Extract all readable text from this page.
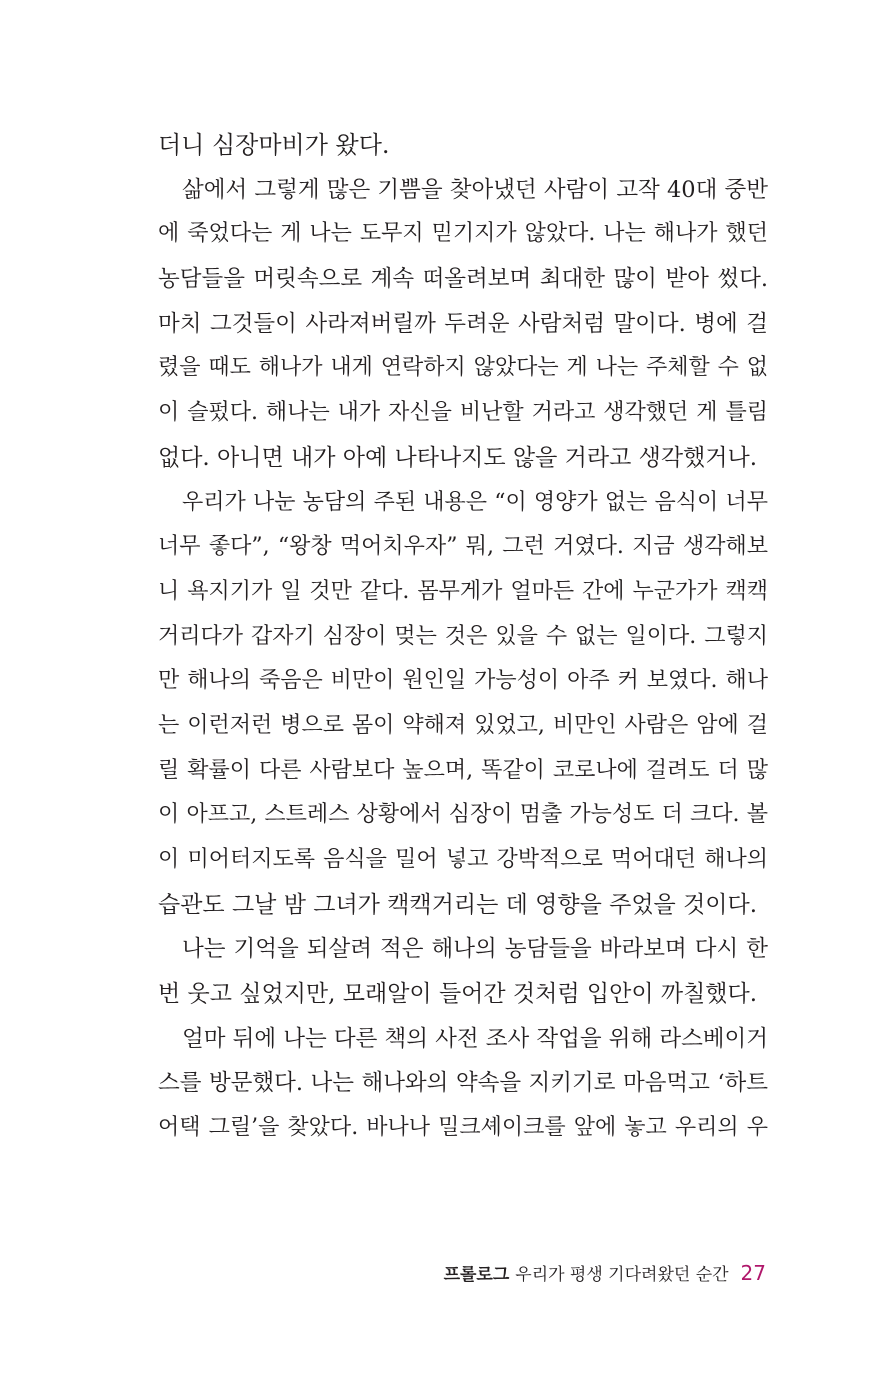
더니 심장마비가 왔다.
삶에서 그렇게 많은 기쁨을 찾아냈던 사람이 고작 40대 중반
에 죽었다는 게 나는 도무지 믿기지가 않았다. 나는 해나가 했던
농담들을 머릿속으로 계속 떠올려보며 최대한 많이 받아 썼다.
마치 그것들이 사라져버릴까 두려운 사람처럼 말이다. 병에 걸
렸을 때도 해나가 내게 연락하지 않았다는 게 나는 주체할 수 없
이 슬펐다. 해나는 내가 자신을 비난할 거라고 생각했던 게 틀림
없다. 아니면 내가 아예 나타나지도 않을 거라고 생각했거나.
우리가 나눈 농담의 주된 내용은 “이 영양가 없는 음식이 너무
너무 좋다”, “왕창 먹어치우자” 뭐, 그런 거였다. 지금 생각해보
니 욕지기가 일 것만 같다. 몸무게가 얼마든 간에 누군가가 캑캑
거리다가 갑자기 심장이 멎는 것은 있을 수 없는 일이다. 그렇지
만 해나의 죽음은 비만이 원인일 가능성이 아주 커 보였다. 해나
는 이런저런 병으로 몸이 약해져 있었고, 비만인 사람은 암에 걸
릴 확률이 다른 사람보다 높으며, 똑같이 코로나에 걸려도 더 많
이 아프고, 스트레스 상황에서 심장이 멈출 가능성도 더 크다. 볼
이 미어터지도록 음식을 밀어 넣고 강박적으로 먹어대던 해나의
습관도 그날 밤 그녀가 캑캑거리는 데 영향을 주었을 것이다.
나는 기억을 되살려 적은 해나의 농담들을 바라보며 다시 한
번 웃고 싶었지만, 모래알이 들어간 것처럼 입안이 까칠했다.
얼마 뒤에 나는 다른 책의 사전 조사 작업을 위해 라스베이거
스를 방문했다. 나는 해나와의 약속을 지키기로 마음먹고 ‘하트
어택 그릴’을 찾았다. 바나나 밀크셰이크를 앞에 놓고 우리의 우
프롤로그 우리가 평생 기다려왔던 순간 27
